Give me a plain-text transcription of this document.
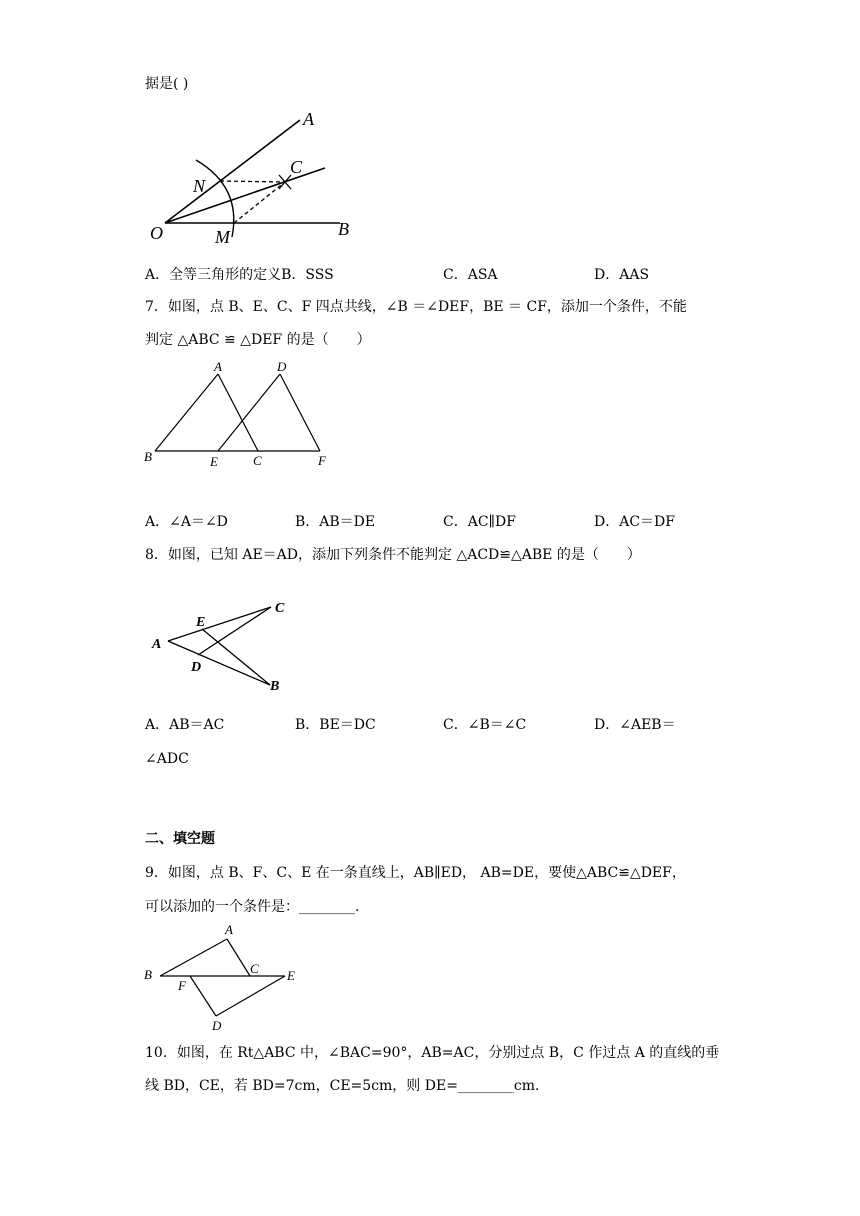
据是( )
A
B
C
N
O	M
A．全等三角形的定义B．SSS	C．ASA	D．AAS
7．如图，点 B、E、C、F 四点共线，∠B ＝∠DEF，BE ＝ CF，添加一个条件，不能
判定 △ABC ≌ △DEF 的是（　　）
A	D
B	E	C	F
A．∠A＝∠D	B．AB＝DE	C．AC∥DF	D．AC＝DF
8．如图，已知 AE＝AD，添加下列条件不能判定 △ACD≌△ABE 的是（　　）
A
E
C
D
B
A．AB＝AC	B．BE＝DC	C．∠B＝∠C	D．∠AEB＝
∠ADC
二、填空题
9．如图，点 B、F、C、E 在一条直线上，AB∥ED， AB=DE，要使△ABC≌△DEF，
可以添加的一个条件是：________．
A
B	C E
F
D
10．如图，在 Rt△ABC 中，∠BAC=90°，AB=AC，分别过点 B，C 作过点 A 的直线的垂
线 BD，CE，若 BD=7cm，CE=5cm，则 DE=________cm．
